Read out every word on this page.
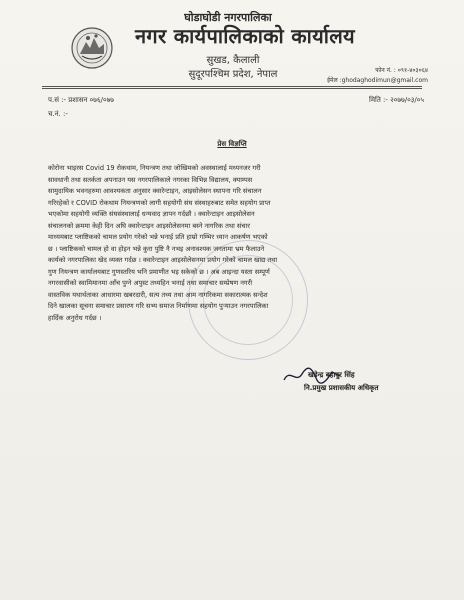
घोडाघोडी नगरपालिका
नगर कार्यपालिकाको कार्यालय
सुखड, कैलाली
सुदूरपश्चिम प्रदेश, नेपाल	फोन नं. : ०९१-४०३०६४
ईमेल :ghodaghodimun@gmail.com
प.सं :- प्रशासन ०७६/०७७	मिति :- २०७७/०३/०५
च.नं. :-
प्रेस विज्ञप्ति
कोरोना भाइरस Covid 19 रोकथाम, नियन्त्रण तथा जोखिमको अवस्थालाई मध्यनजर गरी
सावधानी तथा सतर्कता अपनाउन यस नगरपालिकाले नगरका विभिन्न विद्यालय, क्याम्पस
सामुदायिक भवनहरुमा आवश्यकता अनुसार क्वारेन्टाइन, आइसोलेसन स्थापना गरि संचालन
गरिरहेको र COVID रोकथाम नियन्त्रणको लागी सहयोगी संघ संस्थाहरुबाट समेत सहयोग प्राप्त
भएकोमा सहयोगी व्यक्ति संघसंस्थालाई धन्यवाद ज्ञापन गर्दछौ । क्वारेन्टाइन आइसोलेसन
संचालनको क्रममा केही दिन अघि क्वारेन्टाइन आइसोलेसनमा बस्ने नागरिक तथा संचार
माध्यमबाट प्लाष्टिकको चामल प्रयोग गरेको भन्ने भनाई प्रति हाम्रो गम्भिर ध्यान आकर्षण भएको
छ । प्लाष्टिकको चामल हो वा होइन भन्ने कुरा पुष्टि नै नभइ अनावश्यक जनतामा भ्रम फैलाउने
कार्यको नगरपालिका खेद व्यक्त गर्दछ । क्वारेन्टाइन आइसोलेसनमा प्रयोग गरेको चामल खाद्य तथा
गुण नियन्त्रण कार्यालयबाट गुणस्तरिय भनि प्रमाणीत भइ सकेको छ । अब आइन्दा यस्ता सम्पूर्ण
नगरवासीको स्वामिमानमा आँच पुग्ने अपुस्ट तथ्यहिन भनाई तथा समाचार सम्प्रेषण नगरी
वास्तविक यथार्थताका आधारमा खबरदारी, सत्य तथ्य तथा आम नागरिकमा सकारात्मक सन्देश
दिने खालका सूचना समाचार प्रसारण गरि सभ्य समाज निर्माणमा सहयोग पुर्‍याउन नगरपालिका
हार्दिक अनुरोध गर्दछ ।
खडेन्द्र बहादुर सिंह
नि.प्रमुख प्रशासकीय अधिकृत
